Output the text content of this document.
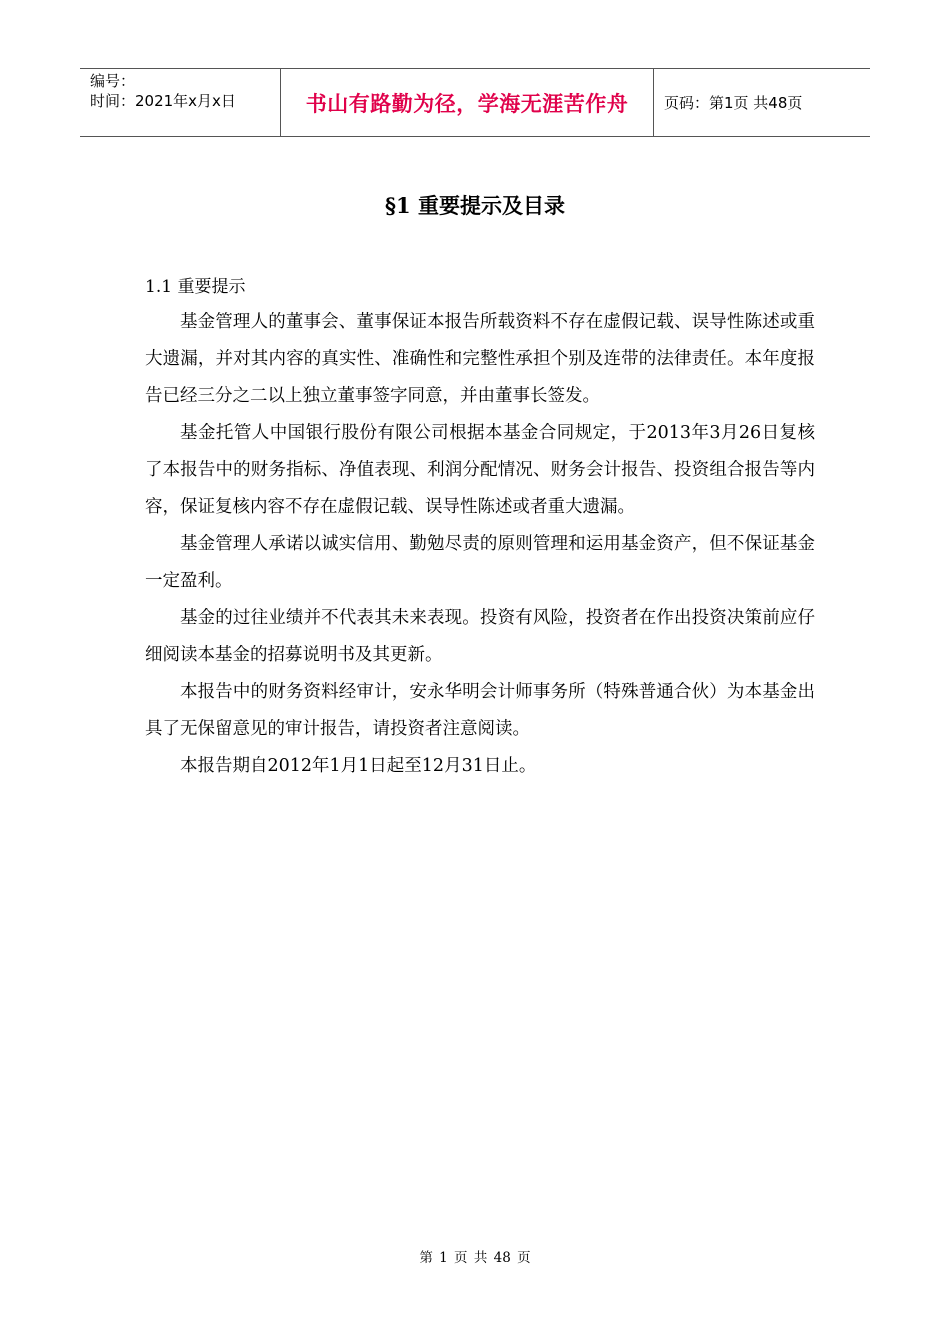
编号：
时间：2021年x月x日	书山有路勤为径，学海无涯苦作舟 页码：第1页 共48页
§1 重要提示及目录
1.1 重要提示

基金管理人的董事会、董事保证本报告所载资料不存在虚假记载、误导性陈述或重大遗漏，并对其内容的真实性、准确性和完整性承担个别及连带的法律责任。本年度报告已经三分之二以上独立董事签字同意，并由董事长签发。

基金托管人中国银行股份有限公司根据本基金合同规定，于2013年3月26日复核了本报告中的财务指标、净值表现、利润分配情况、财务会计报告、投资组合报告等内容，保证复核内容不存在虚假记载、误导性陈述或者重大遗漏。

基金管理人承诺以诚实信用、勤勉尽责的原则管理和运用基金资产，但不保证基金一定盈利。

基金的过往业绩并不代表其未来表现。投资有风险，投资者在作出投资决策前应仔细阅读本基金的招募说明书及其更新。

本报告中的财务资料经审计，安永华明会计师事务所（特殊普通合伙）为本基金出具了无保留意见的审计报告，请投资者注意阅读。

本报告期自2012年1月1日起至12月31日止。

第 1 页 共 48 页
